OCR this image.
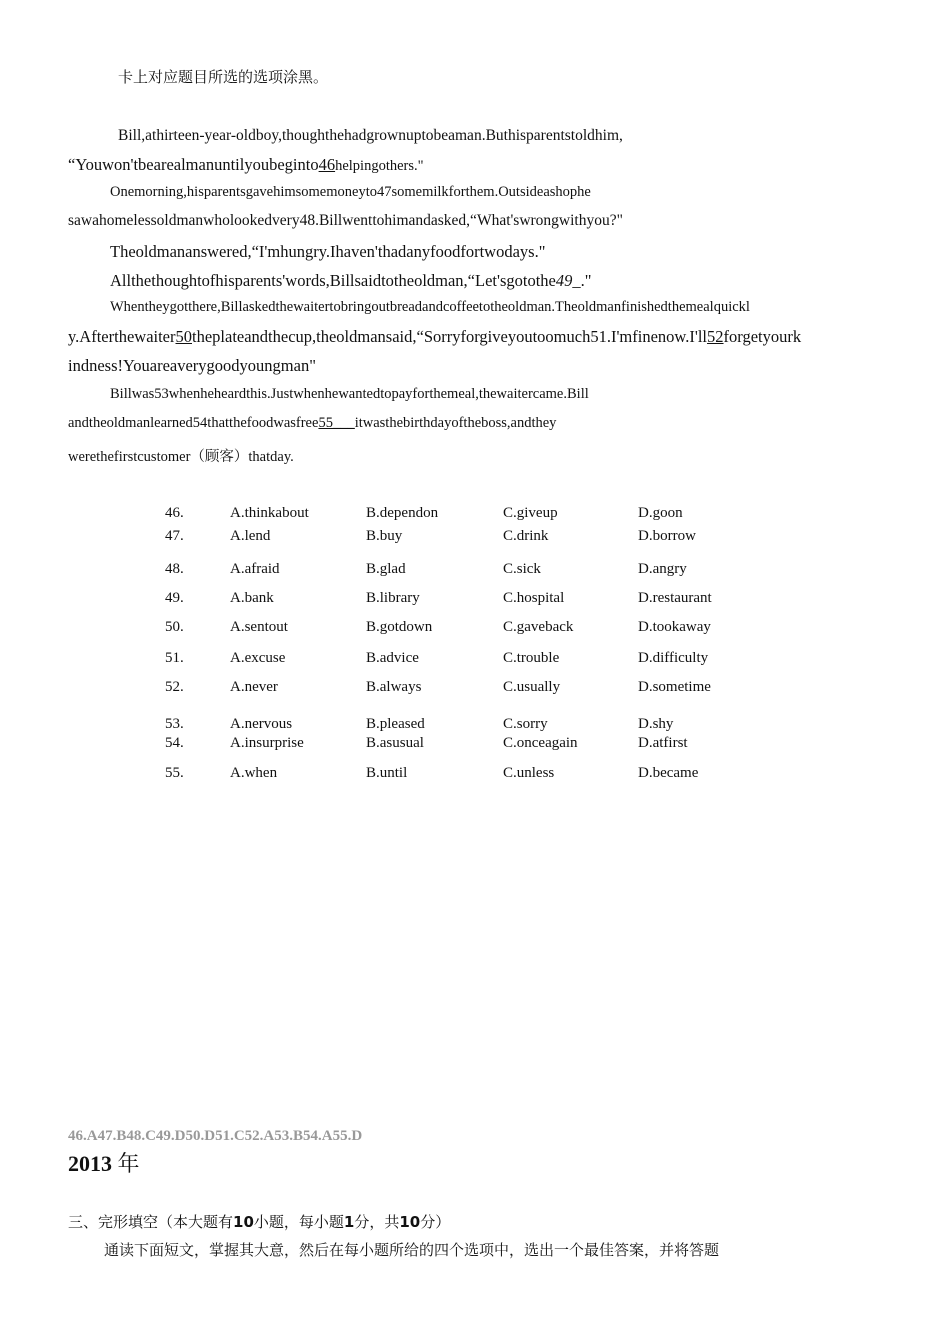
卡上对应题目所选的选项涂黑。
Bill,athirteen-year-oldboy,thoughthehadgrownuptobeaman.Buthisparentstoldhim,
“Youwon'tbearealmanuntilyoubeginto46helpingothers."
Onemorning,hisparentsgavehimsomemoneyto47somemilkforthem.Outsideashophe
sawahomelessoldmanwholookedvery48.Billwenttohimandasked,“What'swrongwithyou?"
Theoldmananswered,“I'mhungry.Ihaven'thadanyfoodfortwodays."
Allthethoughtofhisparents'words,Billsaidtotheoldman,“Let'sgotothe49_."
Whentheygotthere,Billaskedthewaitertobringoutbreadandcoffeetotheoldman.Theoldmanfinishedthemealquickl
y.Afterthewaiter50theplateandthecup,theoldmansaid,“Sorryforgiveyoutoomuch51.I'mfinenow.I'll52forgetyourk
indness!Youareaverygoodyoungman"
Billwas53whenheheardthis.Justwhenhewantedtopayforthemeal,thewaitercame.Bill
andtheoldmanlearned54thatthefoodwasfree55___itwasthebirthdayoftheboss,andthey
werethefirstcustomer（顾客）thatday.
46.	A.thinkabout	B.dependon	C.giveup	D.goon
47.	A.lend	B.buy	C.drink	D.borrow
48.	A.afraid	B.glad	C.sick	D.angry
49.	A.bank	B.library	C.hospital	D.restaurant
50.	A.sentout	B.gotdown	C.gaveback	D.tookaway
51.	A.excuse	B.advice	C.trouble	D.difficulty
52.	A.never	B.always	C.usually	D.sometime
53.	A.nervous	B.pleased	C.sorry	D.shy
54.	A.insurprise	B.asusual	C.onceagain	D.atfirst
55.	A.when	B.until	C.unless	D.became
46.A47.B48.C49.D50.D51.C52.A53.B54.A55.D
2013 年
三、完形填空（本大题有10小题，每小题1分，共10分）
通读下面短文，掌握其大意，然后在每小题所给的四个选项中，选出一个最佳答案，并将答题
